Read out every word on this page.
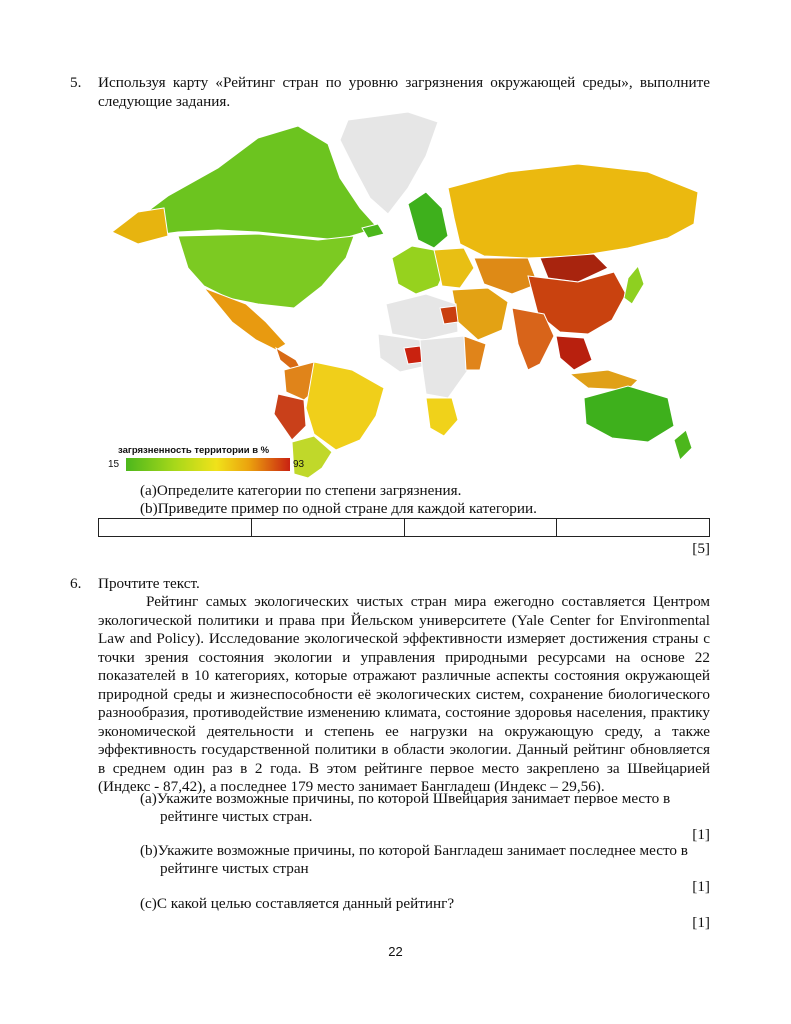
5. Используя карту «Рейтинг стран по уровню загрязнения окружающей среды», выполните следующие задания.
загрязненность территории в %
15	93
(a)Определите категории по степени загрязнения.
(b)Приведите пример по одной стране для каждой категории.

[5]
6. Прочтите текст.
Рейтинг самых экологических чистых стран мира ежегодно составляется Центром экологической политики и права при Йельском университете (Yale Center for Environmental Law and Policy). Исследование экологической эффективности измеряет достижения страны с точки зрения состояния экологии и управления природными ресурсами на основе 22 показателей в 10 категориях, которые отражают различные аспекты состояния окружающей природной среды и жизнеспособности её экологических систем, сохранение биологического разнообразия, противодействие изменению климата, состояние здоровья населения, практику экономической деятельности и степень ее нагрузки на окружающую среду, а также эффективность государственной политики в области экологии. Данный рейтинг обновляется в среднем один раз в 2 года. В этом рейтинге первое место закреплено за Швейцарией (Индекс - 87,42), а последнее 179 место занимает Бангладеш (Индекс – 29,56).
(a)Укажите возможные причины, по которой Швейцария занимает первое место в
рейтинге чистых стран.
[1]
(b)Укажите возможные причины, по которой Бангладеш занимает последнее место в
рейтинге чистых стран
[1]
(c)С какой целью составляется данный рейтинг?
[1]
22
